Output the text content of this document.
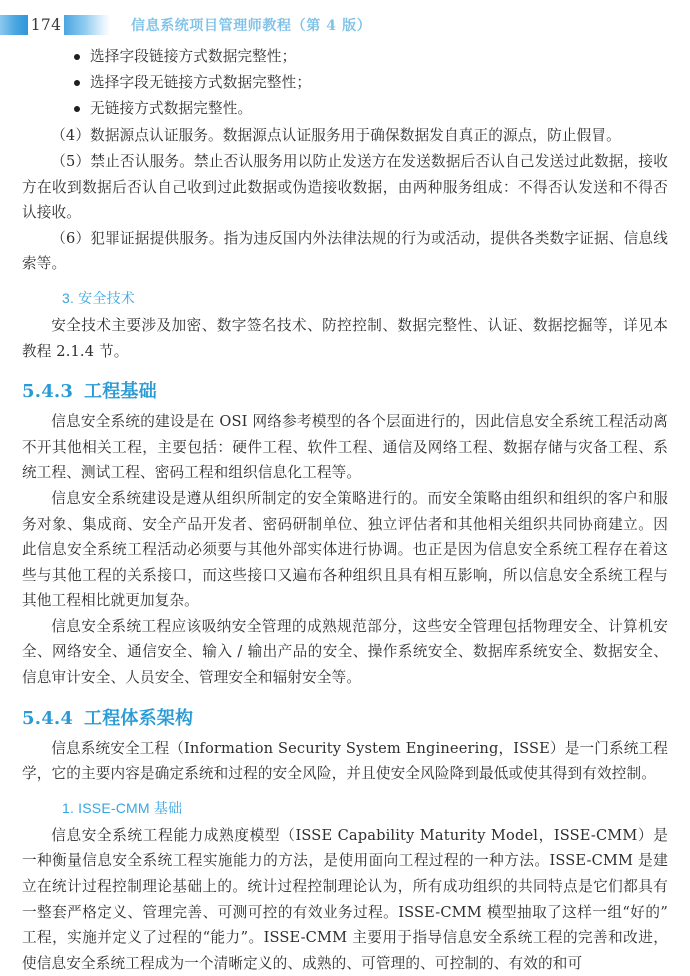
174	信息系统项目管理师教程（第 4 版）
选择字段链接方式数据完整性；
选择字段无链接方式数据完整性；
无链接方式数据完整性。

（4）数据源点认证服务。数据源点认证服务用于确保数据发自真正的源点，防止假冒。

（5）禁止否认服务。禁止否认服务用以防止发送方在发送数据后否认自己发送过此数据，接收方在收到数据后否认自己收到过此数据或伪造接收数据，由两种服务组成：不得否认发送和不得否认接收。

（6）犯罪证据提供服务。指为违反国内外法律法规的行为或活动，提供各类数字证据、信息线索等。

3. 安全技术

安全技术主要涉及加密、数字签名技术、防控控制、数据完整性、认证、数据挖掘等，详见本教程 2.1.4 节。

5.4.3 工程基础

信息安全系统的建设是在 OSI 网络参考模型的各个层面进行的，因此信息安全系统工程活动离不开其他相关工程，主要包括：硬件工程、软件工程、通信及网络工程、数据存储与灾备工程、系统工程、测试工程、密码工程和组织信息化工程等。

信息安全系统建设是遵从组织所制定的安全策略进行的。而安全策略由组织和组织的客户和服务对象、集成商、安全产品开发者、密码研制单位、独立评估者和其他相关组织共同协商建立。因此信息安全系统工程活动必须要与其他外部实体进行协调。也正是因为信息安全系统工程存在着这些与其他工程的关系接口，而这些接口又遍布各种组织且具有相互影响，所以信息安全系统工程与其他工程相比就更加复杂。

信息安全系统工程应该吸纳安全管理的成熟规范部分，这些安全管理包括物理安全、计算机安全、网络安全、通信安全、输入 / 输出产品的安全、操作系统安全、数据库系统安全、数据安全、信息审计安全、人员安全、管理安全和辐射安全等。

5.4.4 工程体系架构

信息系统安全工程（Information Security System Engineering，ISSE）是一门系统工程学，它的主要内容是确定系统和过程的安全风险，并且使安全风险降到最低或使其得到有效控制。

1. ISSE-CMM 基础

信息安全系统工程能力成熟度模型（ISSE Capability Maturity Model，ISSE-CMM）是一种衡量信息安全系统工程实施能力的方法，是使用面向工程过程的一种方法。ISSE-CMM 是建立在统计过程控制理论基础上的。统计过程控制理论认为，所有成功组织的共同特点是它们都具有一整套严格定义、管理完善、可测可控的有效业务过程。ISSE-CMM 模型抽取了这样一组“好的”工程，实施并定义了过程的“能力”。ISSE-CMM 主要用于指导信息安全系统工程的完善和改进，使信息安全系统工程成为一个清晰定义的、成熟的、可管理的、可控制的、有效的和可
